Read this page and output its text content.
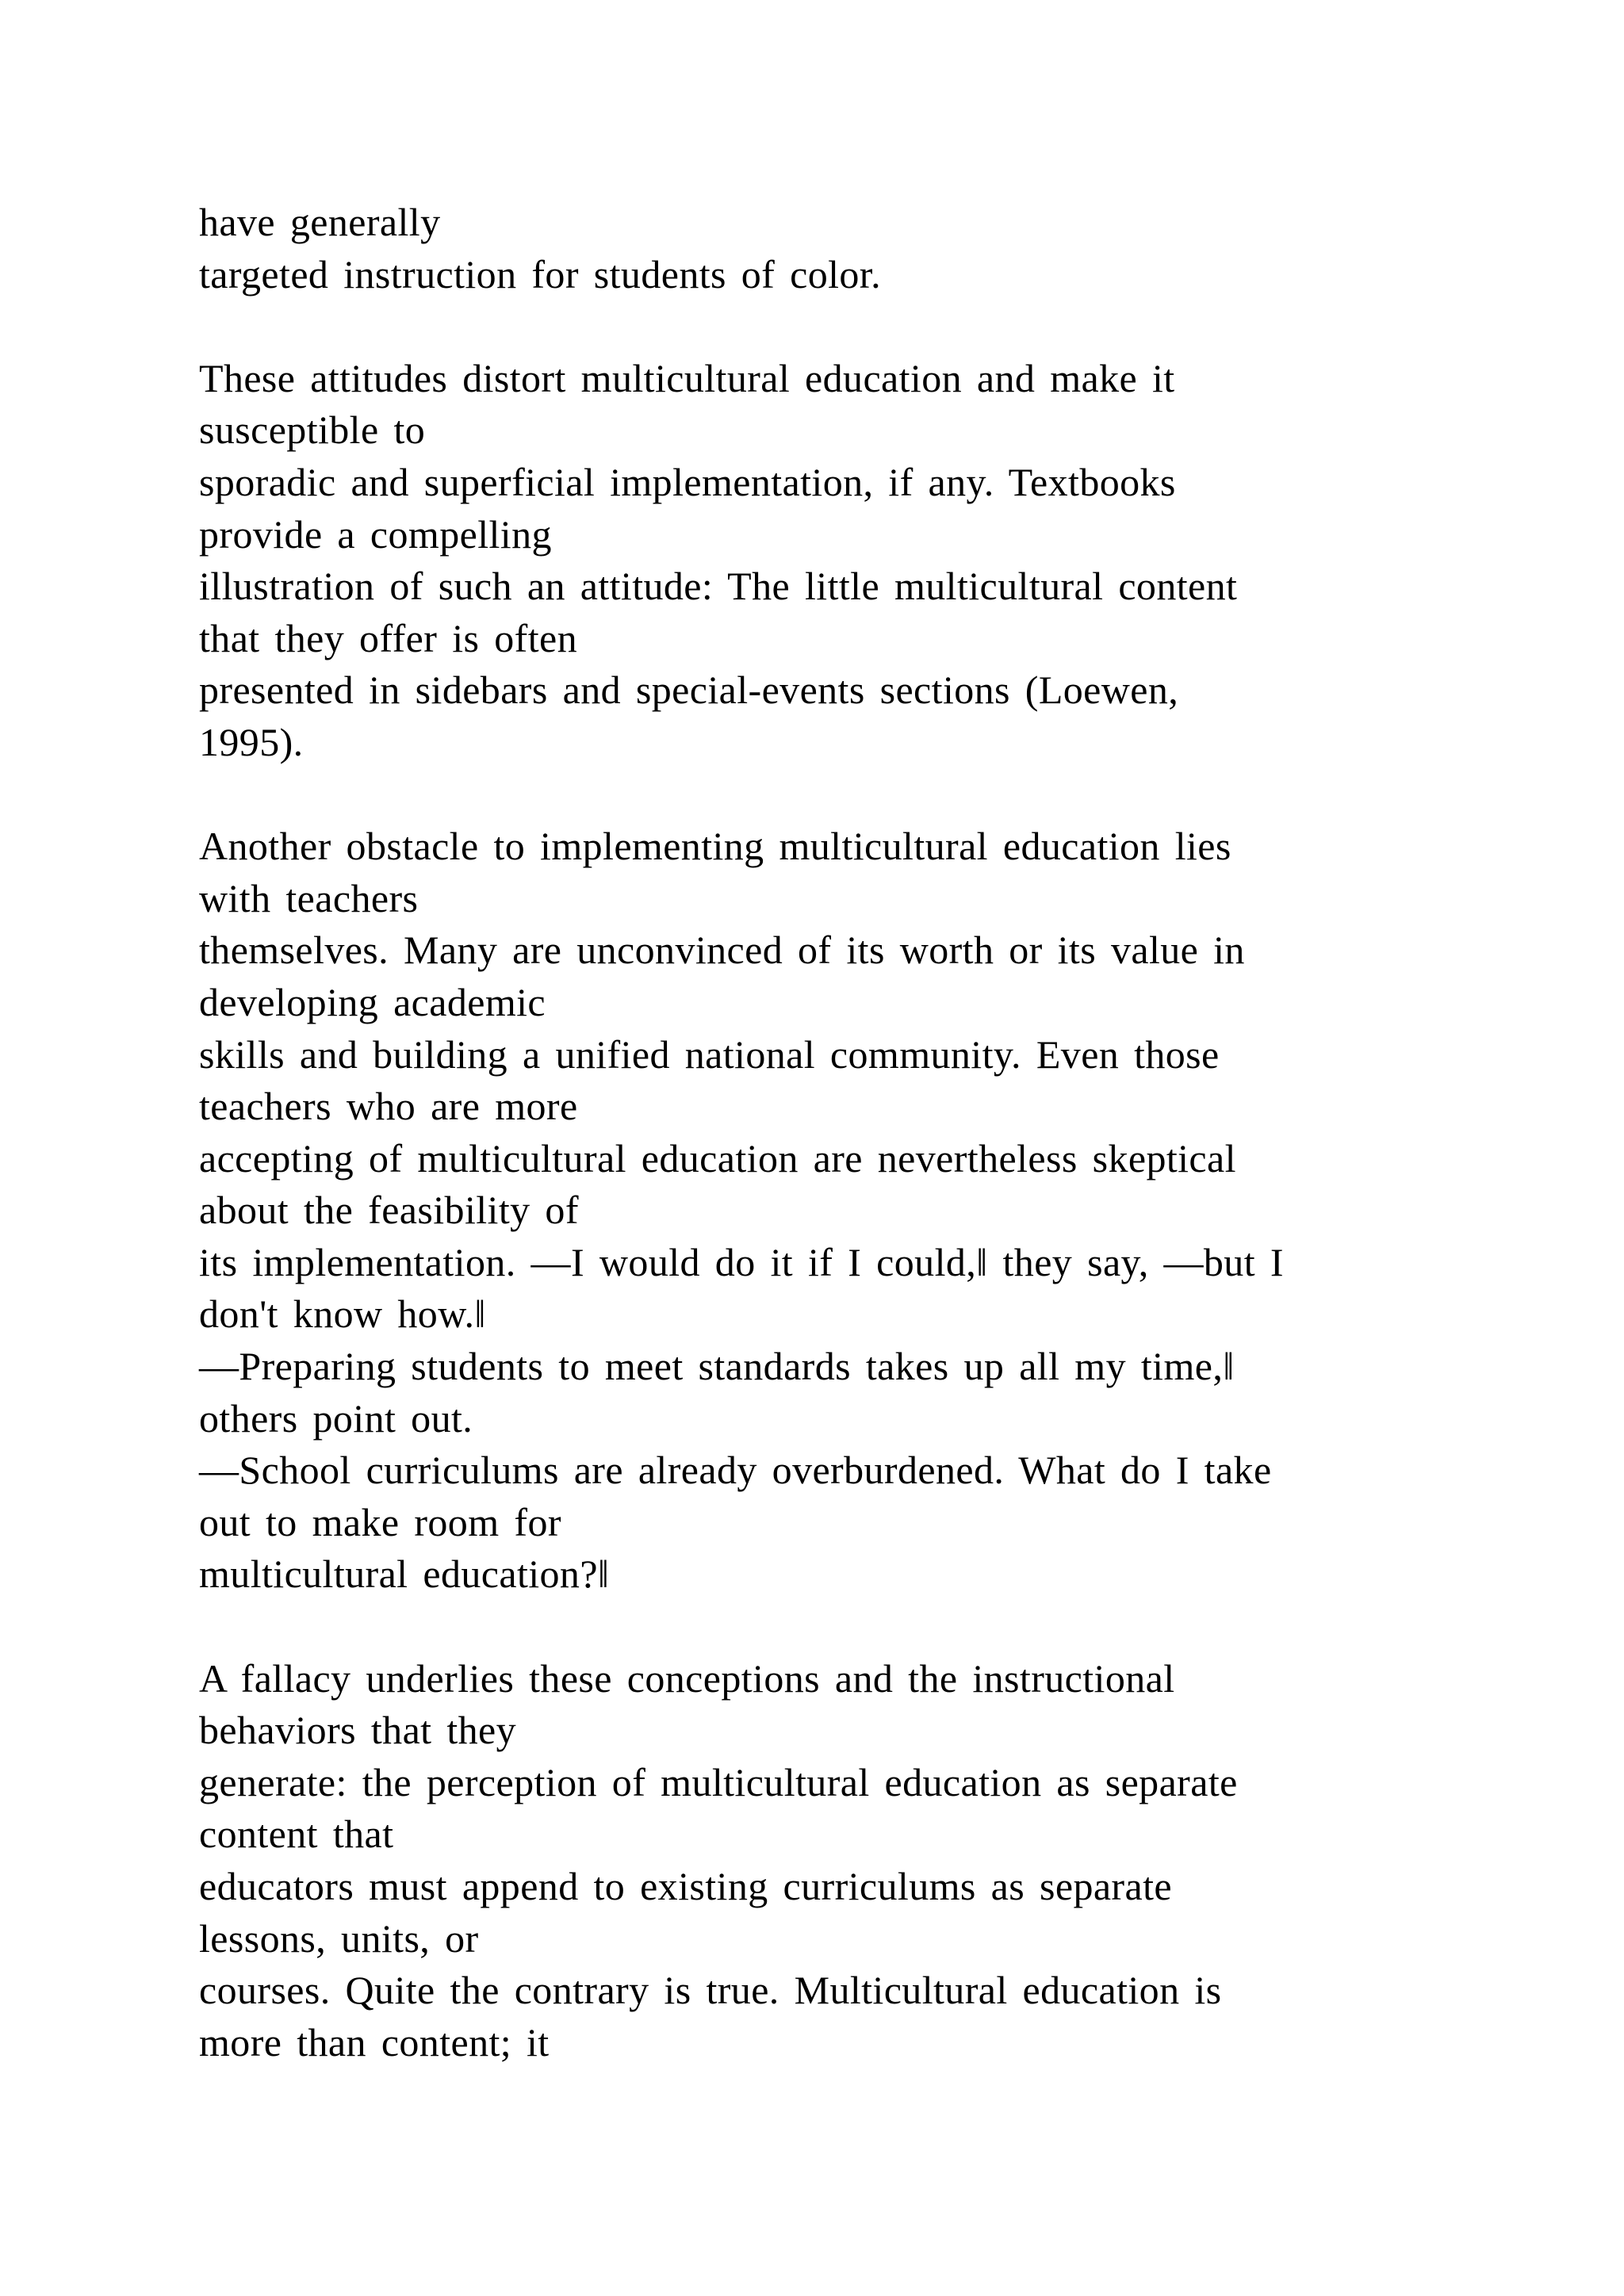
have generally
targeted instruction for students of color.
These attitudes distort multicultural education and make it
susceptible to
sporadic and superficial implementation, if any. Textbooks
provide a compelling
illustration of such an attitude: The little multicultural content
that they offer is often
presented in sidebars and special-events sections (Loewen,
1995).
Another obstacle to implementing multicultural education lies
with teachers
themselves. Many are unconvinced of its worth or its value in
developing academic
skills and building a unified national community. Even those
teachers who are more
accepting of multicultural education are nevertheless skeptical
about the feasibility of
its implementation. ―I would do it if I could,‖ they say, ―but I
don't know how.‖
―Preparing students to meet standards takes up all my time,‖
others point out.
―School curriculums are already overburdened. What do I take
out to make room for
multicultural education?‖
A fallacy underlies these conceptions and the instructional
behaviors that they
generate: the perception of multicultural education as separate
content that
educators must append to existing curriculums as separate
lessons, units, or
courses. Quite the contrary is true. Multicultural education is
more than content; it
